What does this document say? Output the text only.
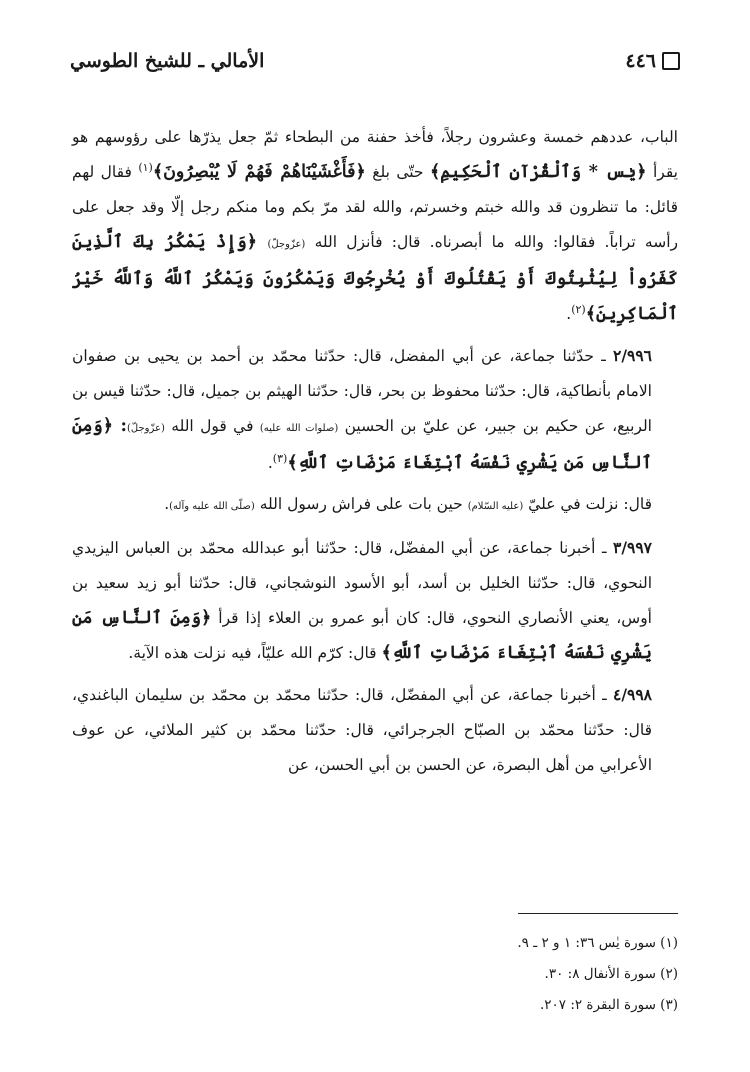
الأمالي ـ للشيخ الطوسي	٤٤٦

الباب، عددهم خمسة وعشرون رجلاً، فأخذ حفنة من البطحاء ثمّ جعل يذرّها على رؤوسهم هو يقرأ ﴿يٰس * وَٱلْقُرْآنِ ٱلْحَكِيمِ﴾ حتّى بلغ ﴿فَأَغْشَيْنَاهُمْ فَهُمْ لَا يُبْصِرُونَ﴾$^{(١)}$ فقال لهم قائل: ما تنظرون قد والله خبتم وخسرتم، والله لقد مرّ بكم وما منكم رجل إلّا وقد جعل على رأسه تراباً. فقالوا: والله ما أبصرناه. قال: فأنزل الله (عزّوجلّ) ﴿وَإِذْ يَمْكُرُ بِكَ ٱلَّذِينَ كَفَرُواْ لِيُثْبِتُوكَ أَوْ يَقْتُلُوكَ أَوْ يُخْرِجُوكَ وَيَمْكُرُونَ وَيَمْكُرُ ٱللَّهُ وَٱللَّهُ خَيْرُ ٱلْمَاكِرِينَ﴾$^{(٢)}$.

٢/٩٩٦ ـ حدّثنا جماعة، عن أبي المفضل، قال: حدّثنا محمّد بن أحمد بن يحيى بن صفوان الامام بأنطاكية، قال: حدّثنا محفوظ بن بحر، قال: حدّثنا الهيثم بن جميل، قال: حدّثنا قيس بن الربيع، عن حكيم بن جبير، عن عليّ بن الحسين (صلوات الله عليه) في قول الله (عزّوجلّ): ﴿وَمِنَ ٱلنَّاسِ مَن يَشْرِي نَفْسَهُ ٱبْتِغَاءَ مَرْضَاتِ ٱللَّهِ﴾$^{(٣)}$.

قال: نزلت في عليّ (عليه السّلام) حين بات على فراش رسول الله (صلّى الله عليه وآله).

٣/٩٩٧ ـ أخبرنا جماعة، عن أبي المفضّل، قال: حدّثنا أبو عبدالله محمّد بن العباس اليزيدي النحوي، قال: حدّثنا الخليل بن أسد، أبو الأسود النوشجاني، قال: حدّثنا أبو زيد سعيد بن أوس، يعني الأنصاري النحوي، قال: كان أبو عمرو بن العلاء إذا قرأ ﴿وَمِنَ ٱلنَّاسِ مَن يَشْرِي نَفْسَهُ ٱبْتِغَاءَ مَرْضَاتِ ٱللَّهِ﴾ قال: كرّم الله عليّاً، فيه نزلت هذه الآية.

٤/٩٩٨ ـ أخبرنا جماعة، عن أبي المفضّل، قال: حدّثنا محمّد بن محمّد بن سليمان الباغندي، قال: حدّثنا محمّد بن الصبّاح الجرجرائي، قال: حدّثنا محمّد بن كثير الملائي، عن عوف الأعرابي من أهل البصرة، عن الحسن بن أبي الحسن، عن

(١) سورة يٰس ٣٦: ١ و ٢ ـ ٩.
(٢) سورة الأنفال ٨: ٣٠.
(٣) سورة البقرة ٢: ٢٠٧.
